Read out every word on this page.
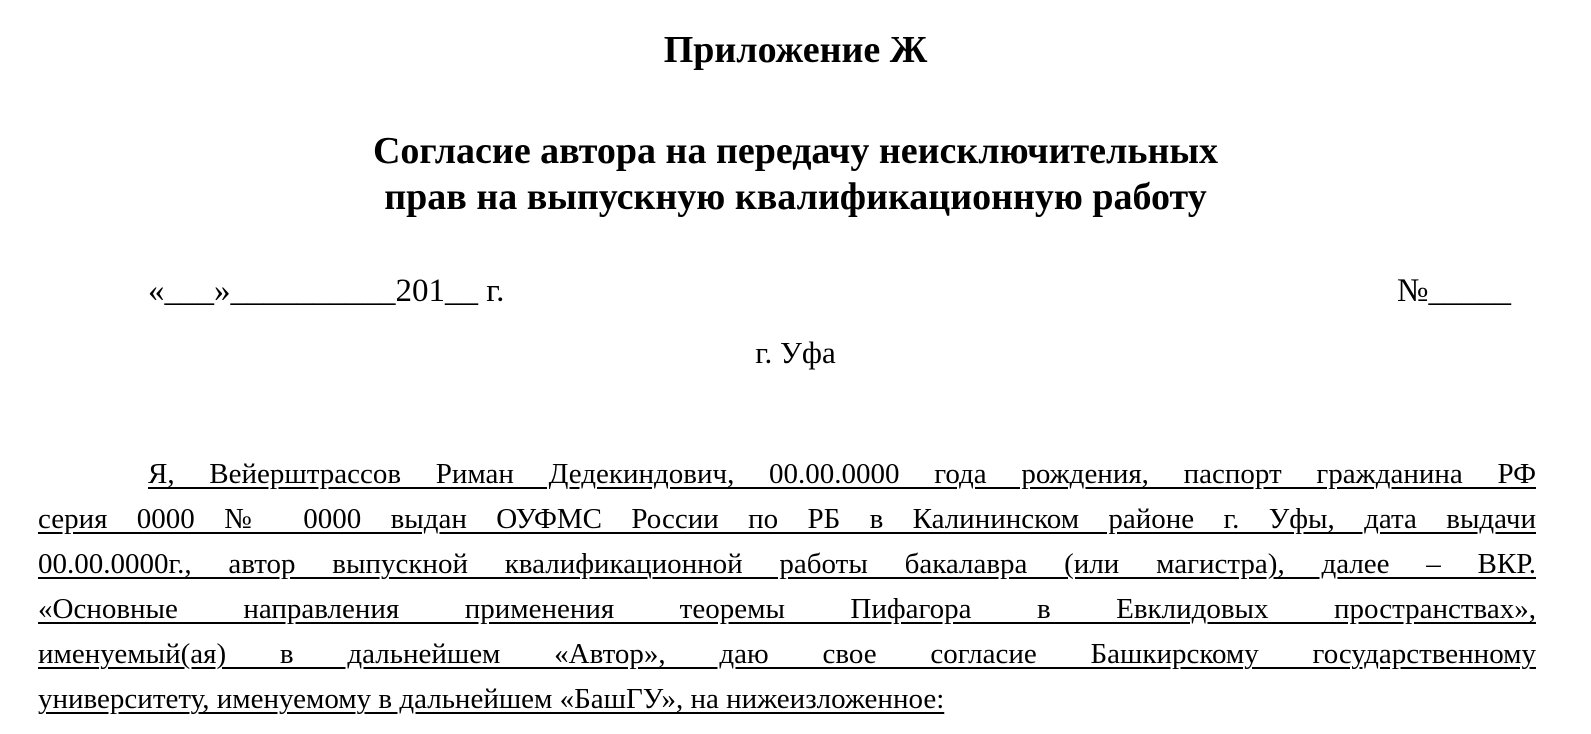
Приложение Ж
Согласие автора на передачу неисключительных
прав на выпускную квалификационную работу
«___»__________201__ г.	№_____
г. Уфа
Я, Вейерштрассов Риман Дедекиндович, 00.00.0000 года рождения, паспорт гражданина РФ
серия 0000 № 0000 выдан ОУФМС России по РБ в Калининском районе г. Уфы, дата выдачи
00.00.0000г., автор выпускной квалификационной работы бакалавра (или магистра), далее – ВКР.
«Основные направления применения теоремы Пифагора в Евклидовых пространствах»,
именуемый(ая) в дальнейшем «Автор», даю свое согласие Башкирскому государственному
университету, именуемому в дальнейшем «БашГУ», на нижеизложенное:
